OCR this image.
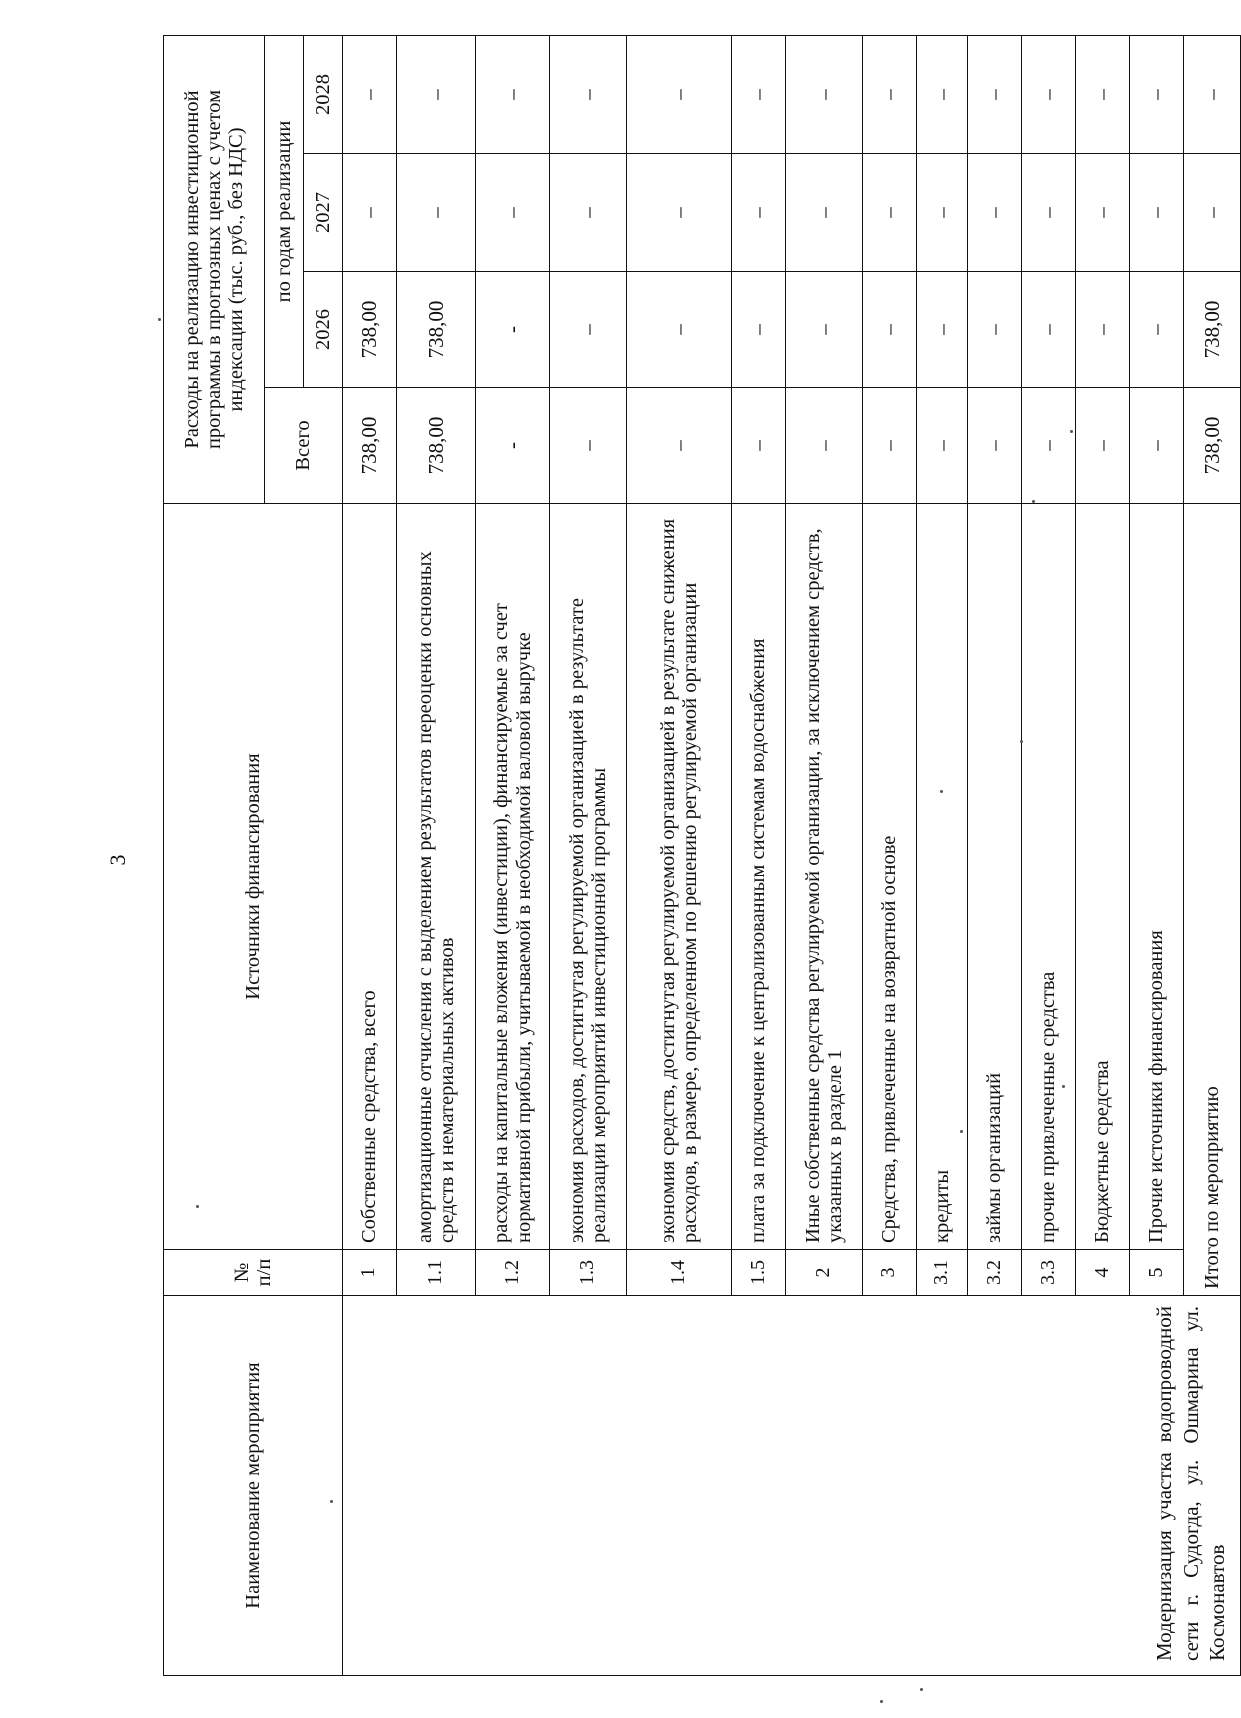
3
Наименование мероприятия	№ п/п	Источники финансирования	Расходы на реализацию инвестиционной программы в прогнозных ценах с учетом индексации (тыс. руб., без НДС)			
			Всего	по годам реализации		
				2026	2027	2028

Модернизация участка водопроводной сети г. Судогда, ул. Ошмарина ул. Космонавтов	1	Собственные средства, всего	738,00	738,00	–	–
	1.1	амортизационные отчисления с выделением результатов переоценки основных средств и нематериальных активов	738,00	738,00	–	–
	1.2	расходы на капитальные вложения (инвестиции), финансируемые за счет нормативной прибыли, учитываемой в необходимой валовой выручке	-	-	–	–
	1.3	экономия расходов, достигнутая регулируемой организацией в результате реализации мероприятий инвестиционной программы	–	–	–	–
	1.4	экономия средств, достигнутая регулируемой организацией в результате снижения расходов, в размере, определенном по решению регулируемой организации	–	–	–	–
	1.5	плата за подключение к централизованным системам водоснабжения	–	–	–	–
	2	Иные собственные средства регулируемой организации, за исключением средств, указанных в разделе 1	–	–	–	–
	3	Средства, привлеченные на возвратной основе	–	–	–	–
	3.1	кредиты	–	–	–	–
	3.2	займы организаций	–	–	–	–
	3.3	прочие привлеченные средства	–	–	–	–
	4	Бюджетные средства	–	–	–	–
	5	Прочие источники финансирования	–	–	–	–
	Итого по мероприятию		738,00	738,00	–	–
